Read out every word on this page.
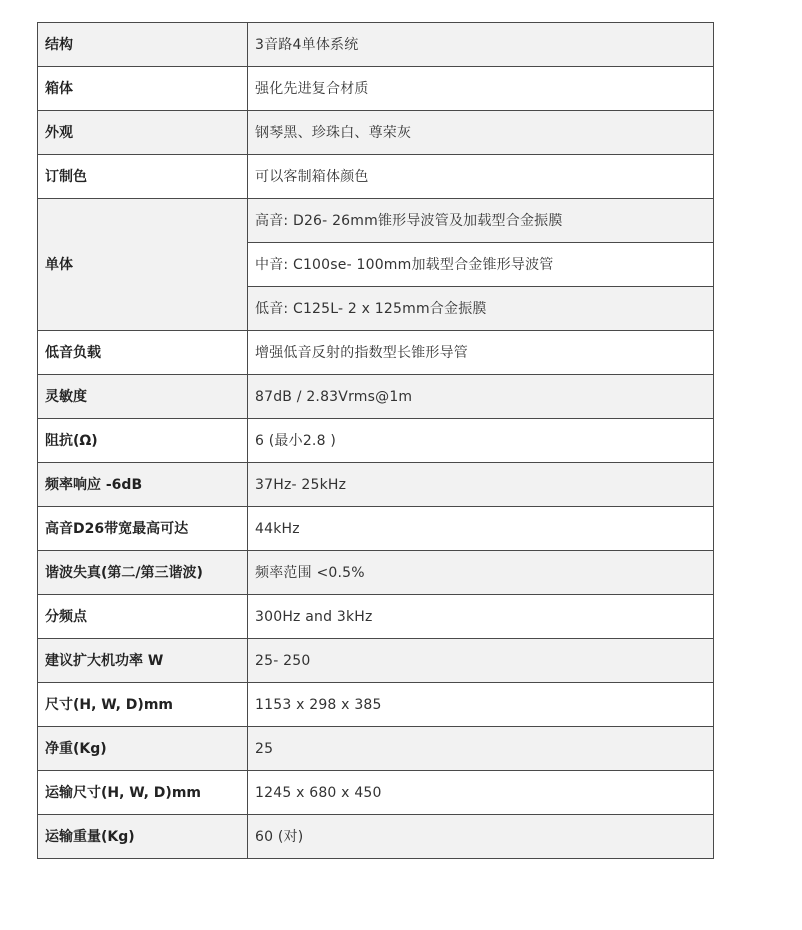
结构	3音路4单体系统
箱体	强化先进复合材质
外观	钢琴黑、珍珠白、尊荣灰
订制色	可以客制箱体颜色
单体	高音: D26- 26mm锥形导波管及加载型合金振膜
	中音: C100se- 100mm加载型合金锥形导波管
	低音: C125L- 2 x 125mm合金振膜
低音负载	增强低音反射的指数型长锥形导管
灵敏度	87dB / 2.83Vrms@1m
阻抗(Ω)	6 (最小2.8 )
频率响应 -6dB	37Hz- 25kHz
高音D26带宽最高可达	44kHz
谐波失真(第二/第三谐波)	频率范围 <0.5%
分频点	300Hz and 3kHz
建议扩大机功率 W	25- 250
尺寸(H, W, D)mm	1153 x 298 x 385
净重(Kg)	25
运输尺寸(H, W, D)mm	1245 x 680 x 450
运输重量(Kg)	60 (对)
